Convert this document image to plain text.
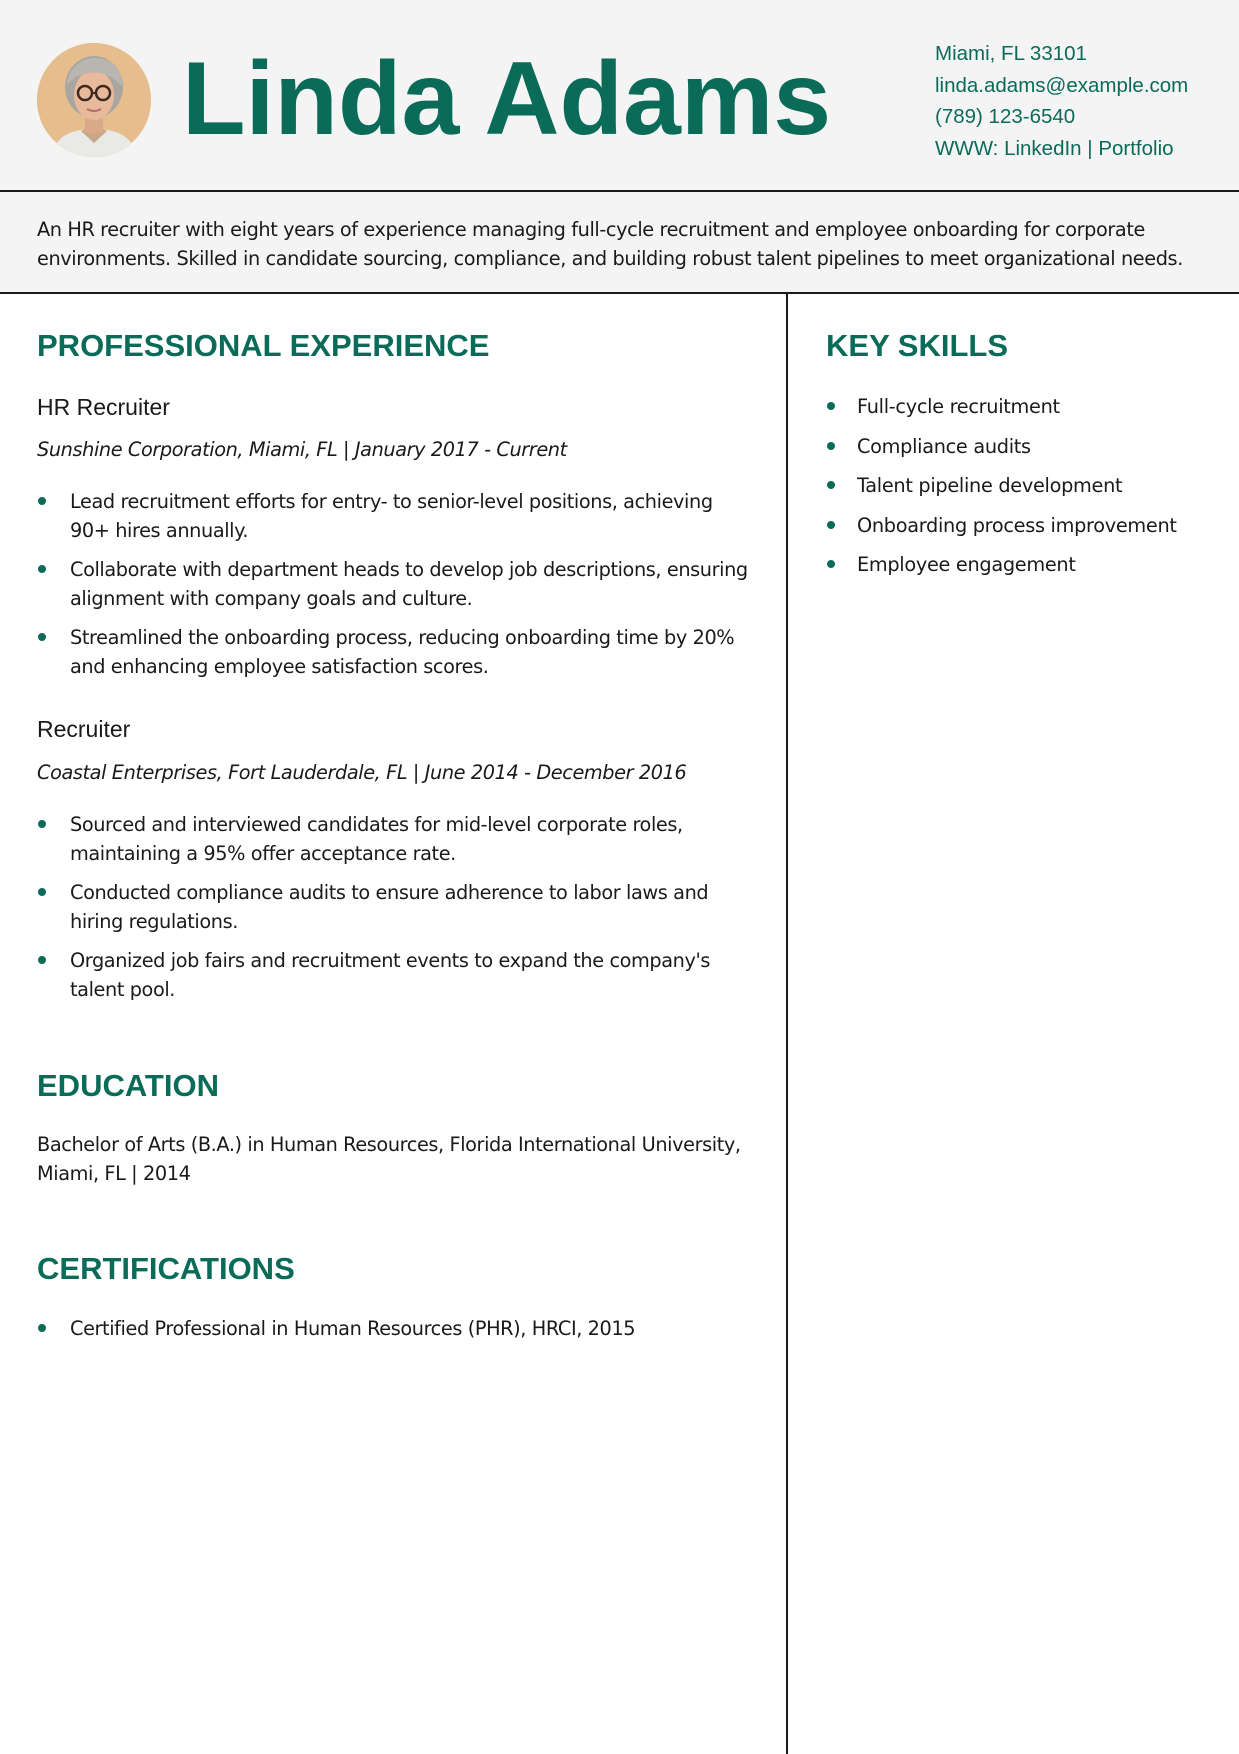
Linda Adams	Miami, FL 33101
linda.adams@example.com
(789) 123-6540
WWW: LinkedIn | Portfolio
An HR recruiter with eight years of experience managing full-cycle recruitment and employee onboarding for corporate environments. Skilled in candidate sourcing, compliance, and building robust talent pipelines to meet organizational needs.
PROFESSIONAL EXPERIENCE
HR Recruiter
Sunshine Corporation, Miami, FL | January 2017 - Current
Lead recruitment efforts for entry- to senior-level positions, achieving 90+ hires annually.
Collaborate with department heads to develop job descriptions, ensuring alignment with company goals and culture.
Streamlined the onboarding process, reducing onboarding time by 20% and enhancing employee satisfaction scores.
Recruiter
Coastal Enterprises, Fort Lauderdale, FL | June 2014 - December 2016
Sourced and interviewed candidates for mid-level corporate roles, maintaining a 95% offer acceptance rate.
Conducted compliance audits to ensure adherence to labor laws and hiring regulations.
Organized job fairs and recruitment events to expand the company's talent pool.
EDUCATION
Bachelor of Arts (B.A.) in Human Resources, Florida International University, Miami, FL | 2014
CERTIFICATIONS
Certified Professional in Human Resources (PHR), HRCI, 2015
KEY SKILLS
Full-cycle recruitment
Compliance audits
Talent pipeline development
Onboarding process improvement
Employee engagement
